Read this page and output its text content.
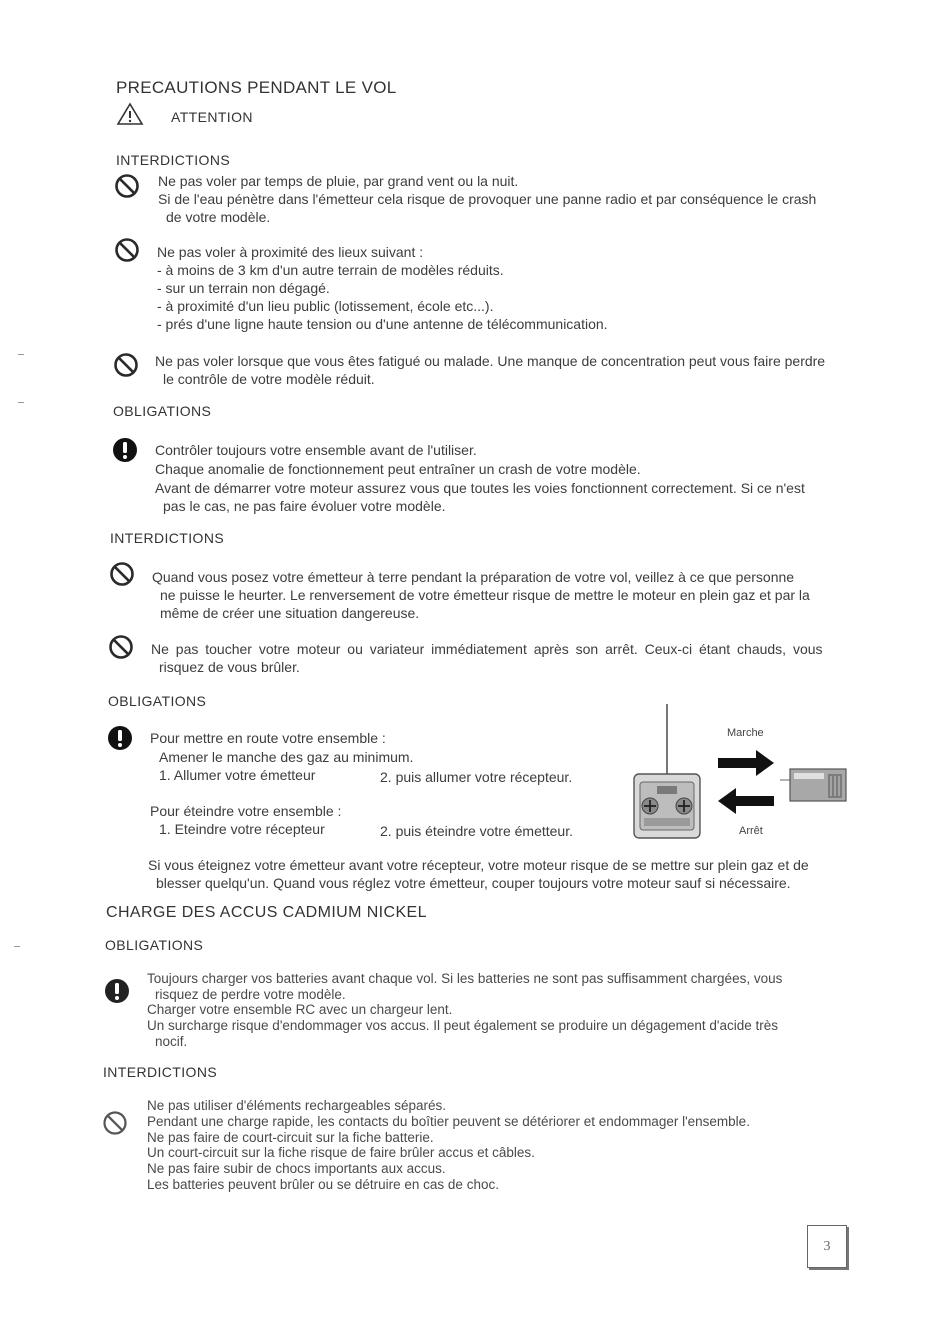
PRECAUTIONS PENDANT LE VOL
ATTENTION
INTERDICTIONS
Ne pas voler par temps de pluie, par grand vent ou la nuit.
Si de l'eau pénètre dans l'émetteur cela risque de provoquer une panne radio et par conséquence le crash
de votre modèle.
Ne pas voler à proximité des lieux suivant :
- à moins de 3 km d'un autre terrain de modèles réduits.
- sur un terrain non dégagé.
- à proximité d'un lieu public (lotissement, école etc...).
- prés d'une ligne haute tension ou d'une antenne de télécommunication.
Ne pas voler lorsque que vous êtes fatigué ou malade. Une manque de concentration peut vous faire perdre
le contrôle de votre modèle réduit.
OBLIGATIONS
Contrôler toujours votre ensemble avant de l'utiliser.
Chaque anomalie de fonctionnement peut entraîner un crash de votre modèle.
Avant de démarrer votre moteur assurez vous que toutes les voies fonctionnent correctement. Si ce n'est
pas le cas, ne pas faire évoluer votre modèle.
INTERDICTIONS
Quand vous posez votre émetteur à terre pendant la préparation de votre vol, veillez à ce que personne
ne puisse le heurter. Le renversement de votre émetteur risque de mettre le moteur en plein gaz et par la
même de créer une situation dangereuse.
Ne pas toucher votre moteur ou variateur immédiatement après son arrêt. Ceux-ci étant chauds, vous
risquez de vous brûler.
OBLIGATIONS
Pour mettre en route votre ensemble :
Amener le manche des gaz au minimum.
1. Allumer votre émetteur	2. puis allumer votre récepteur.
Pour éteindre votre ensemble :
1. Eteindre votre récepteur	2. puis éteindre votre émetteur.
Marche
Arrêt
Si vous éteignez votre émetteur avant votre récepteur, votre moteur risque de se mettre sur plein gaz et de
blesser quelqu'un. Quand vous réglez votre émetteur, couper toujours votre moteur sauf si nécessaire.
CHARGE DES ACCUS CADMIUM NICKEL
OBLIGATIONS
Toujours charger vos batteries avant chaque vol. Si les batteries ne sont pas suffisamment chargées, vous
risquez de perdre votre modèle.
Charger votre ensemble RC avec un chargeur lent.
Un surcharge risque d'endommager vos accus. Il peut également se produire un dégagement d'acide très
nocif.
INTERDICTIONS
Ne pas utiliser d'éléments rechargeables séparés.
Pendant une charge rapide, les contacts du boîtier peuvent se détériorer et endommager l'ensemble.
Ne pas faire de court-circuit sur la fiche batterie.
Un court-circuit sur la fiche risque de faire brûler accus et câbles.
Ne pas faire subir de chocs importants aux accus.
Les batteries peuvent brûler ou se détruire en cas de choc.
3
